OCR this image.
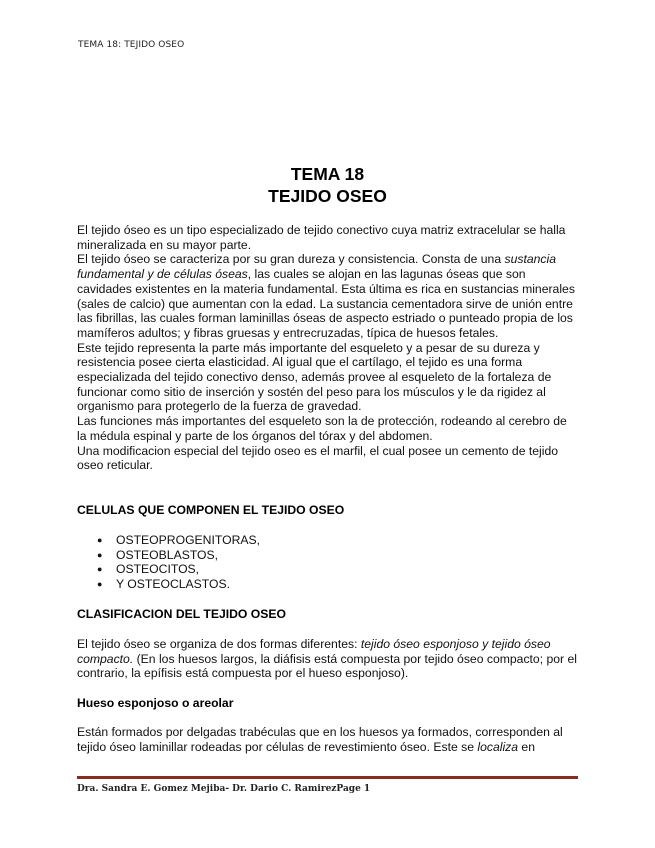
TEMA 18: TEJIDO OSEO
TEMA 18
TEJIDO OSEO

El tejido óseo es un tipo especializado de tejido conectivo cuya matriz extracelular se halla mineralizada en su mayor parte.

El tejido óseo se caracteriza por su gran dureza y consistencia. Consta de una sustancia fundamental y de células óseas, las cuales se alojan en las lagunas óseas que son cavidades existentes en la materia fundamental. Esta última es rica en sustancias minerales (sales de calcio) que aumentan con la edad. La sustancia cementadora sirve de unión entre las fibrillas, las cuales forman laminillas óseas de aspecto estriado o punteado propia de los mamíferos adultos; y fibras gruesas y entrecruzadas, típica de huesos fetales.

Este tejido representa la parte más importante del esqueleto y a pesar de su dureza y resistencia posee cierta elasticidad. Al igual que el cartílago, el tejido es una forma especializada del tejido conectivo denso, además provee al esqueleto de la fortaleza de funcionar como sitio de inserción y sostén del peso para los músculos y le da rigidez al organismo para protegerlo de la fuerza de gravedad.

Las funciones más importantes del esqueleto son la de protección, rodeando al cerebro de la médula espinal y parte de los órganos del tórax y del abdomen.

Una modificacion especial del tejido oseo es el marfil, el cual posee un cemento de tejido oseo reticular.

CELULAS QUE COMPONEN EL TEJIDO OSEO
● OSTEOPROGENITORAS,
● OSTEOBLASTOS,
● OSTEOCITOS,
● Y OSTEOCLASTOS.
CLASIFICACION DEL TEJIDO OSEO

El tejido óseo se organiza de dos formas diferentes: tejido óseo esponjoso y tejido óseo compacto. (En los huesos largos, la diáfisis está compuesta por tejido óseo compacto; por el contrario, la epífisis está compuesta por el hueso esponjoso).

Hueso esponjoso o areolar

Están formados por delgadas trabéculas que en los huesos ya formados, corresponden al tejido óseo laminillar rodeadas por células de revestimiento óseo. Este se localiza en

Dra. Sandra E. Gomez Mejiba- Dr. Dario C. RamirezPage 1
